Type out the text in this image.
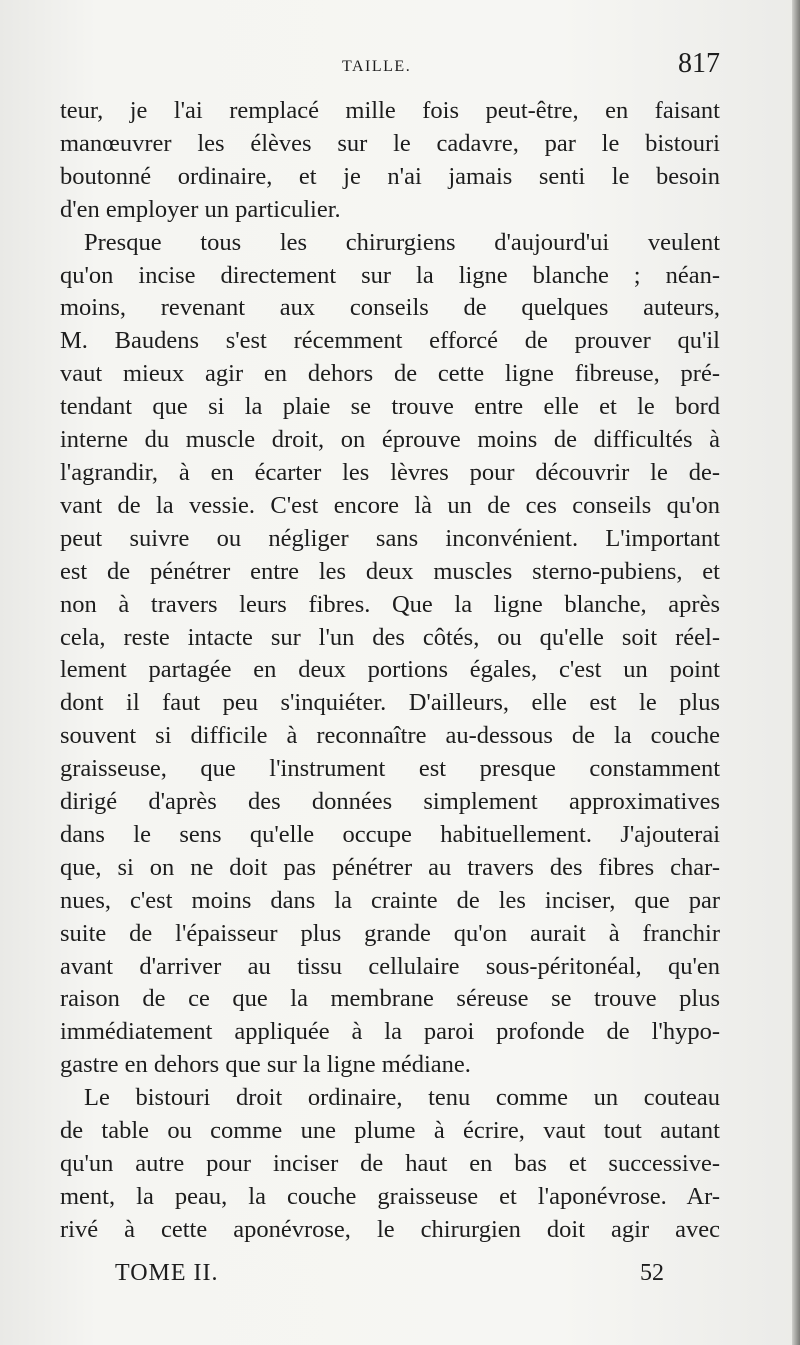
TAILLE.	817
teur, je l'ai remplacé mille fois peut-être, en faisant
manœuvrer les élèves sur le cadavre, par le bistouri
boutonné ordinaire, et je n'ai jamais senti le besoin
d'en employer un particulier.
Presque tous les chirurgiens d'aujourd'ui veulent
qu'on incise directement sur la ligne blanche ; néan-
moins, revenant aux conseils de quelques auteurs,
M. Baudens s'est récemment efforcé de prouver qu'il
vaut mieux agir en dehors de cette ligne fibreuse, pré-
tendant que si la plaie se trouve entre elle et le bord
interne du muscle droit, on éprouve moins de difficultés à
l'agrandir, à en écarter les lèvres pour découvrir le de-
vant de la vessie. C'est encore là un de ces conseils qu'on
peut suivre ou négliger sans inconvénient. L'important
est de pénétrer entre les deux muscles sterno-pubiens, et
non à travers leurs fibres. Que la ligne blanche, après
cela, reste intacte sur l'un des côtés, ou qu'elle soit réel-
lement partagée en deux portions égales, c'est un point
dont il faut peu s'inquiéter. D'ailleurs, elle est le plus
souvent si difficile à reconnaître au-dessous de la couche
graisseuse, que l'instrument est presque constamment
dirigé d'après des données simplement approximatives
dans le sens qu'elle occupe habituellement. J'ajouterai
que, si on ne doit pas pénétrer au travers des fibres char-
nues, c'est moins dans la crainte de les inciser, que par
suite de l'épaisseur plus grande qu'on aurait à franchir
avant d'arriver au tissu cellulaire sous-péritonéal, qu'en
raison de ce que la membrane séreuse se trouve plus
immédiatement appliquée à la paroi profonde de l'hypo-
gastre en dehors que sur la ligne médiane.
Le bistouri droit ordinaire, tenu comme un couteau
de table ou comme une plume à écrire, vaut tout autant
qu'un autre pour inciser de haut en bas et successive-
ment, la peau, la couche graisseuse et l'aponévrose. Ar-
rivé à cette aponévrose, le chirurgien doit agir avec
TOME II.	52
